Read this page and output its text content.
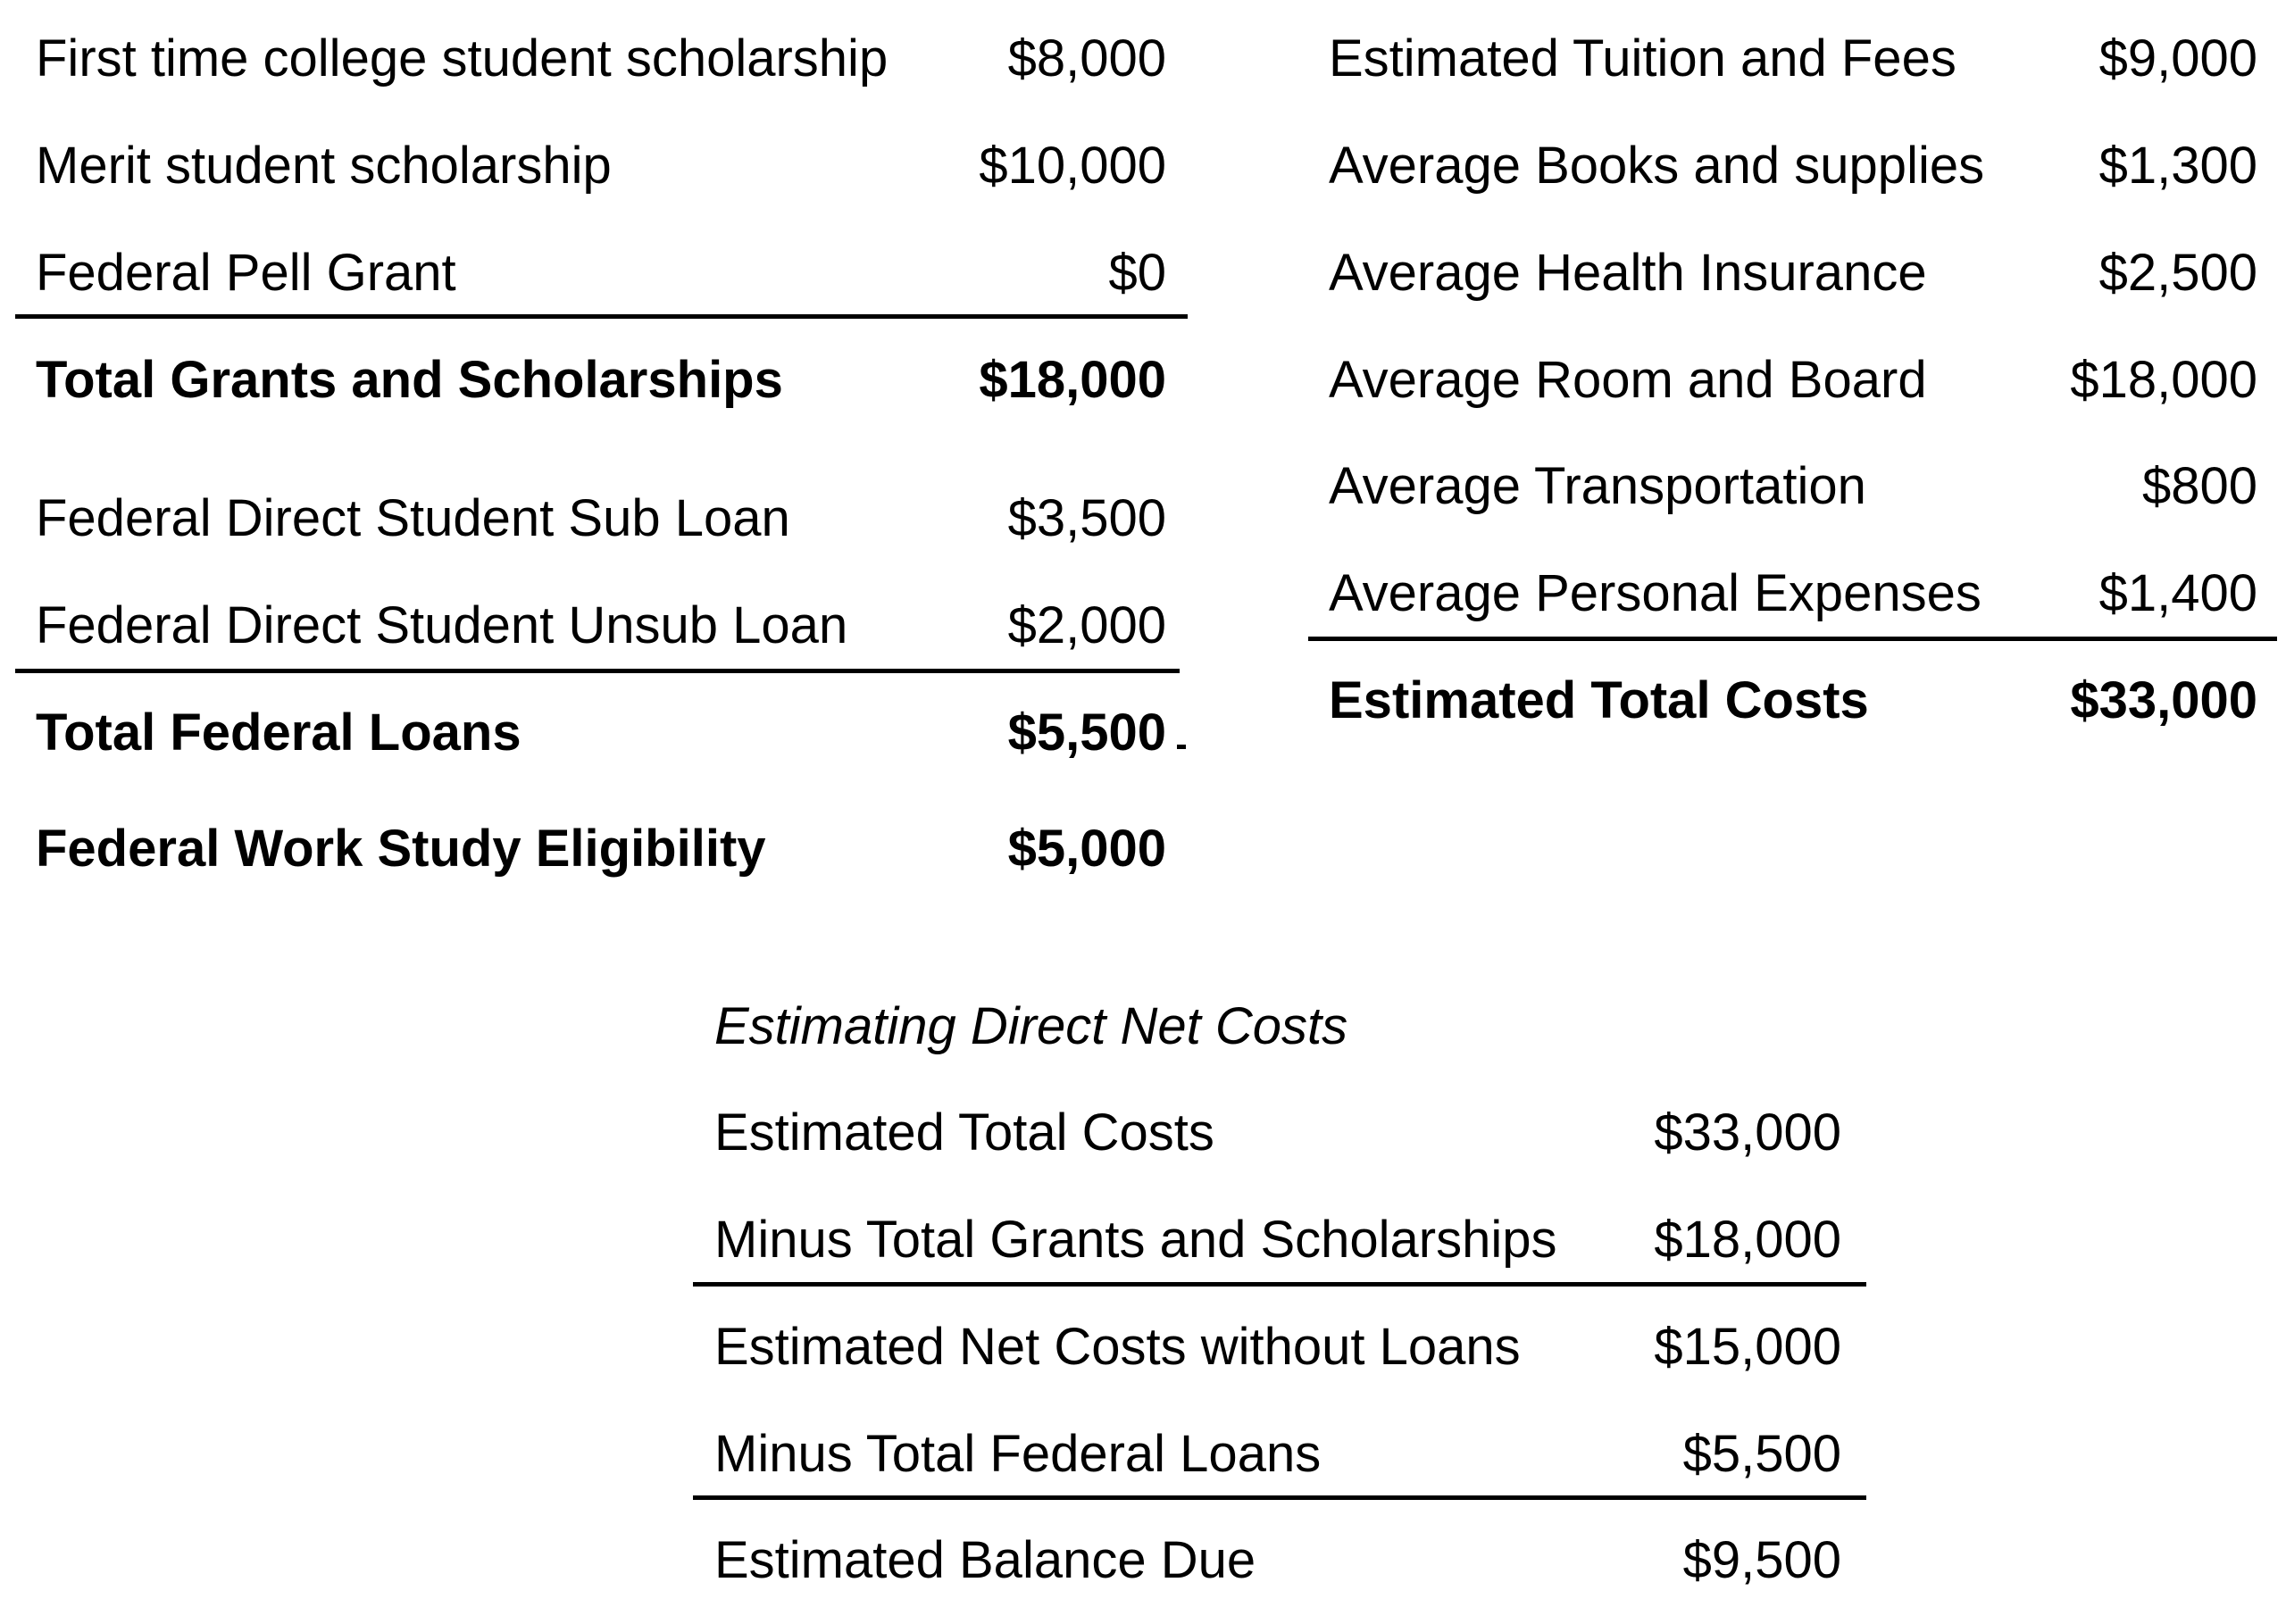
First time college student scholarship $8,000
Merit student scholarship	$10,000
Federal Pell Grant	$0
Total Grants and Scholarships	$18,000
Federal Direct Student Sub Loan	$3,500
Federal Direct Student Unsub Loan	$2,000
Total Federal Loans	$5,500
Federal Work Study Eligibility	$5,000
Estimated Tuition and Fees	$9,000
Average Books and supplies $1,300
Average Health Insurance	$2,500
Average Room and Board	$18,000
Average Transportation	$800
Average Personal Expenses $1,400
Estimated Total Costs	$33,000
Estimating Direct Net Costs
Estimated Total Costs	$33,000
Minus Total Grants and Scholarships $18,000
Estimated Net Costs without Loans	$15,000
Minus Total Federal Loans	$5,500
Estimated Balance Due	$9,500
